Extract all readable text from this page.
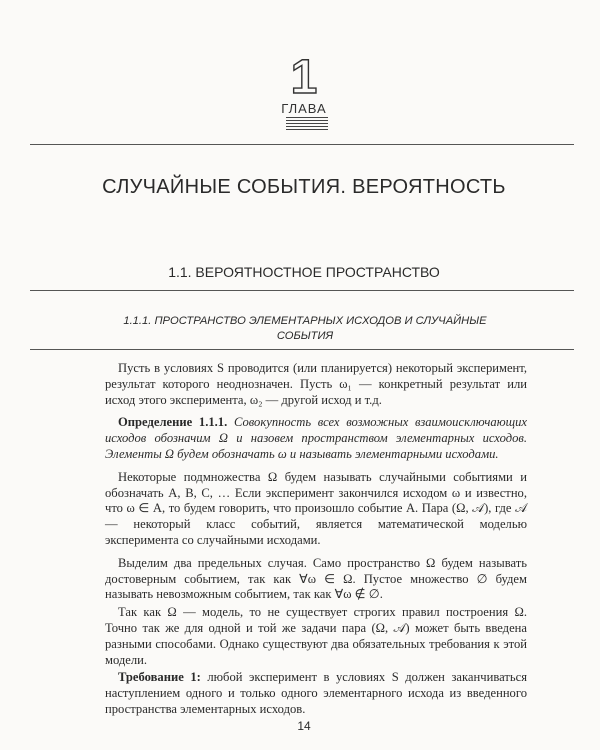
1
ГЛАВА
СЛУЧАЙНЫЕ СОБЫТИЯ. ВЕРОЯТНОСТЬ
1.1. ВЕРОЯТНОСТНОЕ ПРОСТРАНСТВО
1.1.1. ПРОСТРАНСТВО ЭЛЕМЕНТАРНЫХ ИСХОДОВ И СЛУЧАЙНЫЕ СОБЫТИЯ

Пусть в условиях S проводится (или планируется) некоторый эксперимент, результат которого неоднозначен. Пусть ω₁ — конкретный результат или исход этого эксперимента, ω₂ — другой исход и т.д.

Определение 1.1.1. Совокупность всех возможных взаимоисключающих исходов обозначим Ω и назовем пространством элементарных исходов. Элементы Ω будем обозначать ω и называть элементарными исходами.

Некоторые подмножества Ω будем называть случайными событиями и обозначать A, B, C, … Если эксперимент закончился исходом ω и известно, что ω ∈ A, то будем говорить, что произошло событие A. Пара (Ω, 𝒜), где 𝒜 — некоторый класс событий, является математической моделью эксперимента со случайными исходами.

Выделим два предельных случая. Само пространство Ω будем называть достоверным событием, так как ∀ω ∈ Ω. Пустое множество ∅ будем называть невозможным событием, так как ∀ω ∉ ∅.

Так как Ω — модель, то не существует строгих правил построения Ω. Точно так же для одной и той же задачи пара (Ω, 𝒜) может быть введена разными способами. Однако существуют два обязательных требования к этой модели.

Требование 1: любой эксперимент в условиях S должен заканчиваться наступлением одного и только одного элементарного исхода из введенного пространства элементарных исходов.

14
